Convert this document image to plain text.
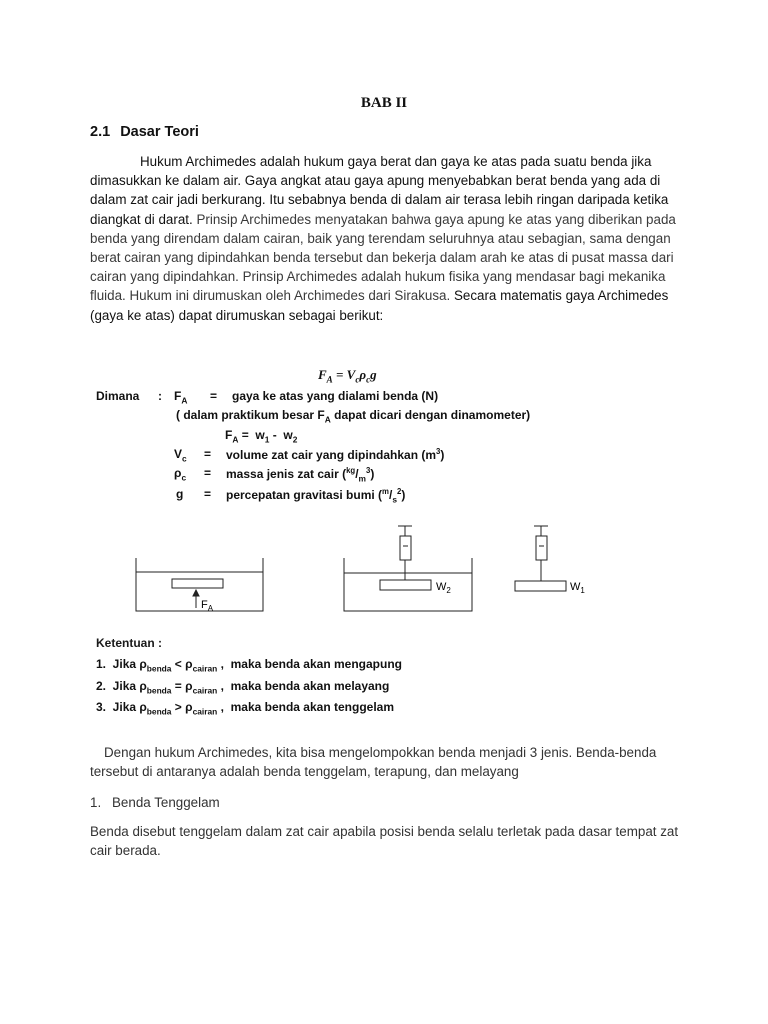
BAB II
2.1 Dasar Teori

Hukum Archimedes adalah hukum gaya berat dan gaya ke atas pada suatu benda jika dimasukkan ke dalam air. Gaya angkat atau gaya apung menyebabkan berat benda yang ada di dalam zat cair jadi berkurang. Itu sebabnya benda di dalam air terasa lebih ringan daripada ketika diangkat di darat. Prinsip Archimedes menyatakan bahwa gaya apung ke atas yang diberikan pada benda yang direndam dalam cairan, baik yang terendam seluruhnya atau sebagian, sama dengan berat cairan yang dipindahkan benda tersebut dan bekerja dalam arah ke atas di pusat massa dari cairan yang dipindahkan. Prinsip Archimedes adalah hukum fisika yang mendasar bagi mekanika fluida. Hukum ini dirumuskan oleh Archimedes dari Sirakusa. Secara matematis gaya Archimedes (gaya ke atas) dapat dirumuskan sebagai berikut:

$F_A = V_c\rho_cg$
Dimana : $F_A$ = gaya ke atas yang dialami benda (N)
( dalam praktikum besar $F_A$ dapat dicari dengan dinamometer)
$F_A = w_1 - w_2$
$V_c$ = volume zat cair yang dipindahkan $(m^3)$
$\rho_c$ = massa jenis zat cair $(^{kg}/_m^3)$
g = percepatan gravitasi bumi $(^m/_s^2)$
$F_A$
$W_2$	$W_1$
Ketentuan :
1.  Jika $\rho_{benda} < \rho_{cairan}$ ,  maka benda akan mengapung
2.  Jika $\rho_{benda} = \rho_{cairan}$ ,  maka benda akan melayang
3.  Jika $\rho_{benda} > \rho_{cairan}$ ,  maka benda akan tenggelam

Dengan hukum Archimedes, kita bisa mengelompokkan benda menjadi 3 jenis. Benda-benda tersebut di antaranya adalah benda tenggelam, terapung, dan melayang

1. Benda Tenggelam

Benda disebut tenggelam dalam zat cair apabila posisi benda selalu terletak pada dasar tempat zat cair berada.
